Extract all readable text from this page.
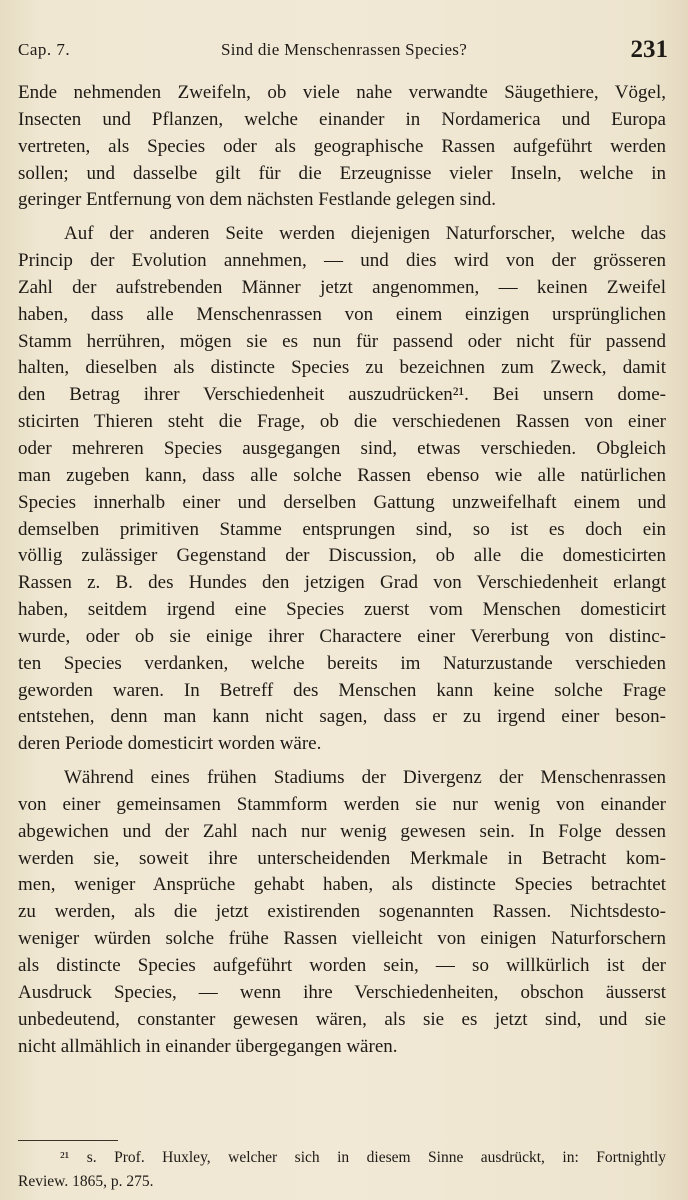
Cap. 7.	Sind die Menschenrassen Species?	231
Ende nehmenden Zweifeln, ob viele nahe verwandte Säugethiere, Vögel,
Insecten und Pflanzen, welche einander in Nordamerica und Europa
vertreten, als Species oder als geographische Rassen aufgeführt werden
sollen; und dasselbe gilt für die Erzeugnisse vieler Inseln, welche in
geringer Entfernung von dem nächsten Festlande gelegen sind.
Auf der anderen Seite werden diejenigen Naturforscher, welche das
Princip der Evolution annehmen, — und dies wird von der grösseren
Zahl der aufstrebenden Männer jetzt angenommen, — keinen Zweifel
haben, dass alle Menschenrassen von einem einzigen ursprünglichen
Stamm herrühren, mögen sie es nun für passend oder nicht für passend
halten, dieselben als distincte Species zu bezeichnen zum Zweck, damit
den Betrag ihrer Verschiedenheit auszudrücken²¹. Bei unsern dome-
sticirten Thieren steht die Frage, ob die verschiedenen Rassen von einer
oder mehreren Species ausgegangen sind, etwas verschieden. Obgleich
man zugeben kann, dass alle solche Rassen ebenso wie alle natürlichen
Species innerhalb einer und derselben Gattung unzweifelhaft einem und
demselben primitiven Stamme entsprungen sind, so ist es doch ein
völlig zulässiger Gegenstand der Discussion, ob alle die domesticirten
Rassen z. B. des Hundes den jetzigen Grad von Verschiedenheit erlangt
haben, seitdem irgend eine Species zuerst vom Menschen domesticirt
wurde, oder ob sie einige ihrer Charactere einer Vererbung von distinc-
ten Species verdanken, welche bereits im Naturzustande verschieden
geworden waren. In Betreff des Menschen kann keine solche Frage
entstehen, denn man kann nicht sagen, dass er zu irgend einer beson-
deren Periode domesticirt worden wäre.
Während eines frühen Stadiums der Divergenz der Menschenrassen
von einer gemeinsamen Stammform werden sie nur wenig von einander
abgewichen und der Zahl nach nur wenig gewesen sein. In Folge dessen
werden sie, soweit ihre unterscheidenden Merkmale in Betracht kom-
men, weniger Ansprüche gehabt haben, als distincte Species betrachtet
zu werden, als die jetzt existirenden sogenannten Rassen. Nichtsdesto-
weniger würden solche frühe Rassen vielleicht von einigen Naturforschern
als distincte Species aufgeführt worden sein, — so willkürlich ist der
Ausdruck Species, — wenn ihre Verschiedenheiten, obschon äusserst
unbedeutend, constanter gewesen wären, als sie es jetzt sind, und sie
nicht allmählich in einander übergegangen wären.
²¹ s. Prof. Huxley, welcher sich in diesem Sinne ausdrückt, in: Fortnightly
Review. 1865, p. 275.
